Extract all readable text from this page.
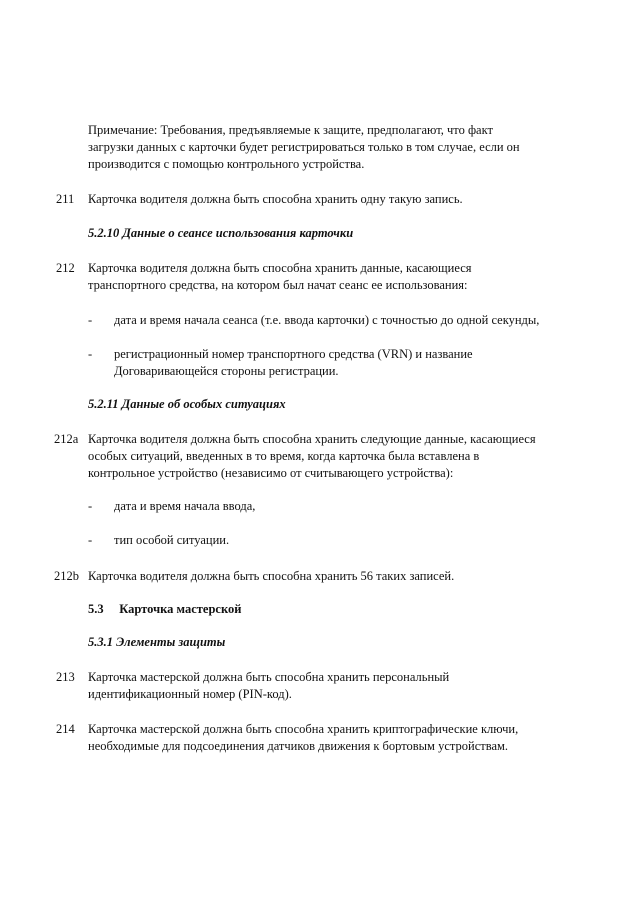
Примечание: Требования, предъявляемые к защите, предполагают, что факт
загрузки данных с карточки будет регистрироваться только в том случае, если он
производится с помощью контрольного устройства.
211 Карточка водителя должна быть способна хранить одну такую запись.
5.2.10 Данные о сеансе использования карточки
212 Карточка водителя должна быть способна хранить данные, касающиеся
транспортного средства, на котором был начат сеанс ее использования:
- дата и время начала сеанса (т.е. ввода карточки) с точностью до одной секунды,
- регистрационный номер транспортного средства (VRN) и название
Договаривающейся стороны регистрации.
5.2.11 Данные об особых ситуациях
212a Карточка водителя должна быть способна хранить следующие данные, касающиеся
особых ситуаций, введенных в то время, когда карточка была вставлена в
контрольное устройство (независимо от считывающего устройства):
- дата и время начала ввода,
- тип особой ситуации.
212b Карточка водителя должна быть способна хранить 56 таких записей.
5.3     Карточка мастерской
5.3.1 Элементы защиты
213 Карточка мастерской должна быть способна хранить персональный
идентификационный номер (PIN-код).
214 Карточка мастерской должна быть способна хранить криптографические ключи,
необходимые для подсоединения датчиков движения к бортовым устройствам.
